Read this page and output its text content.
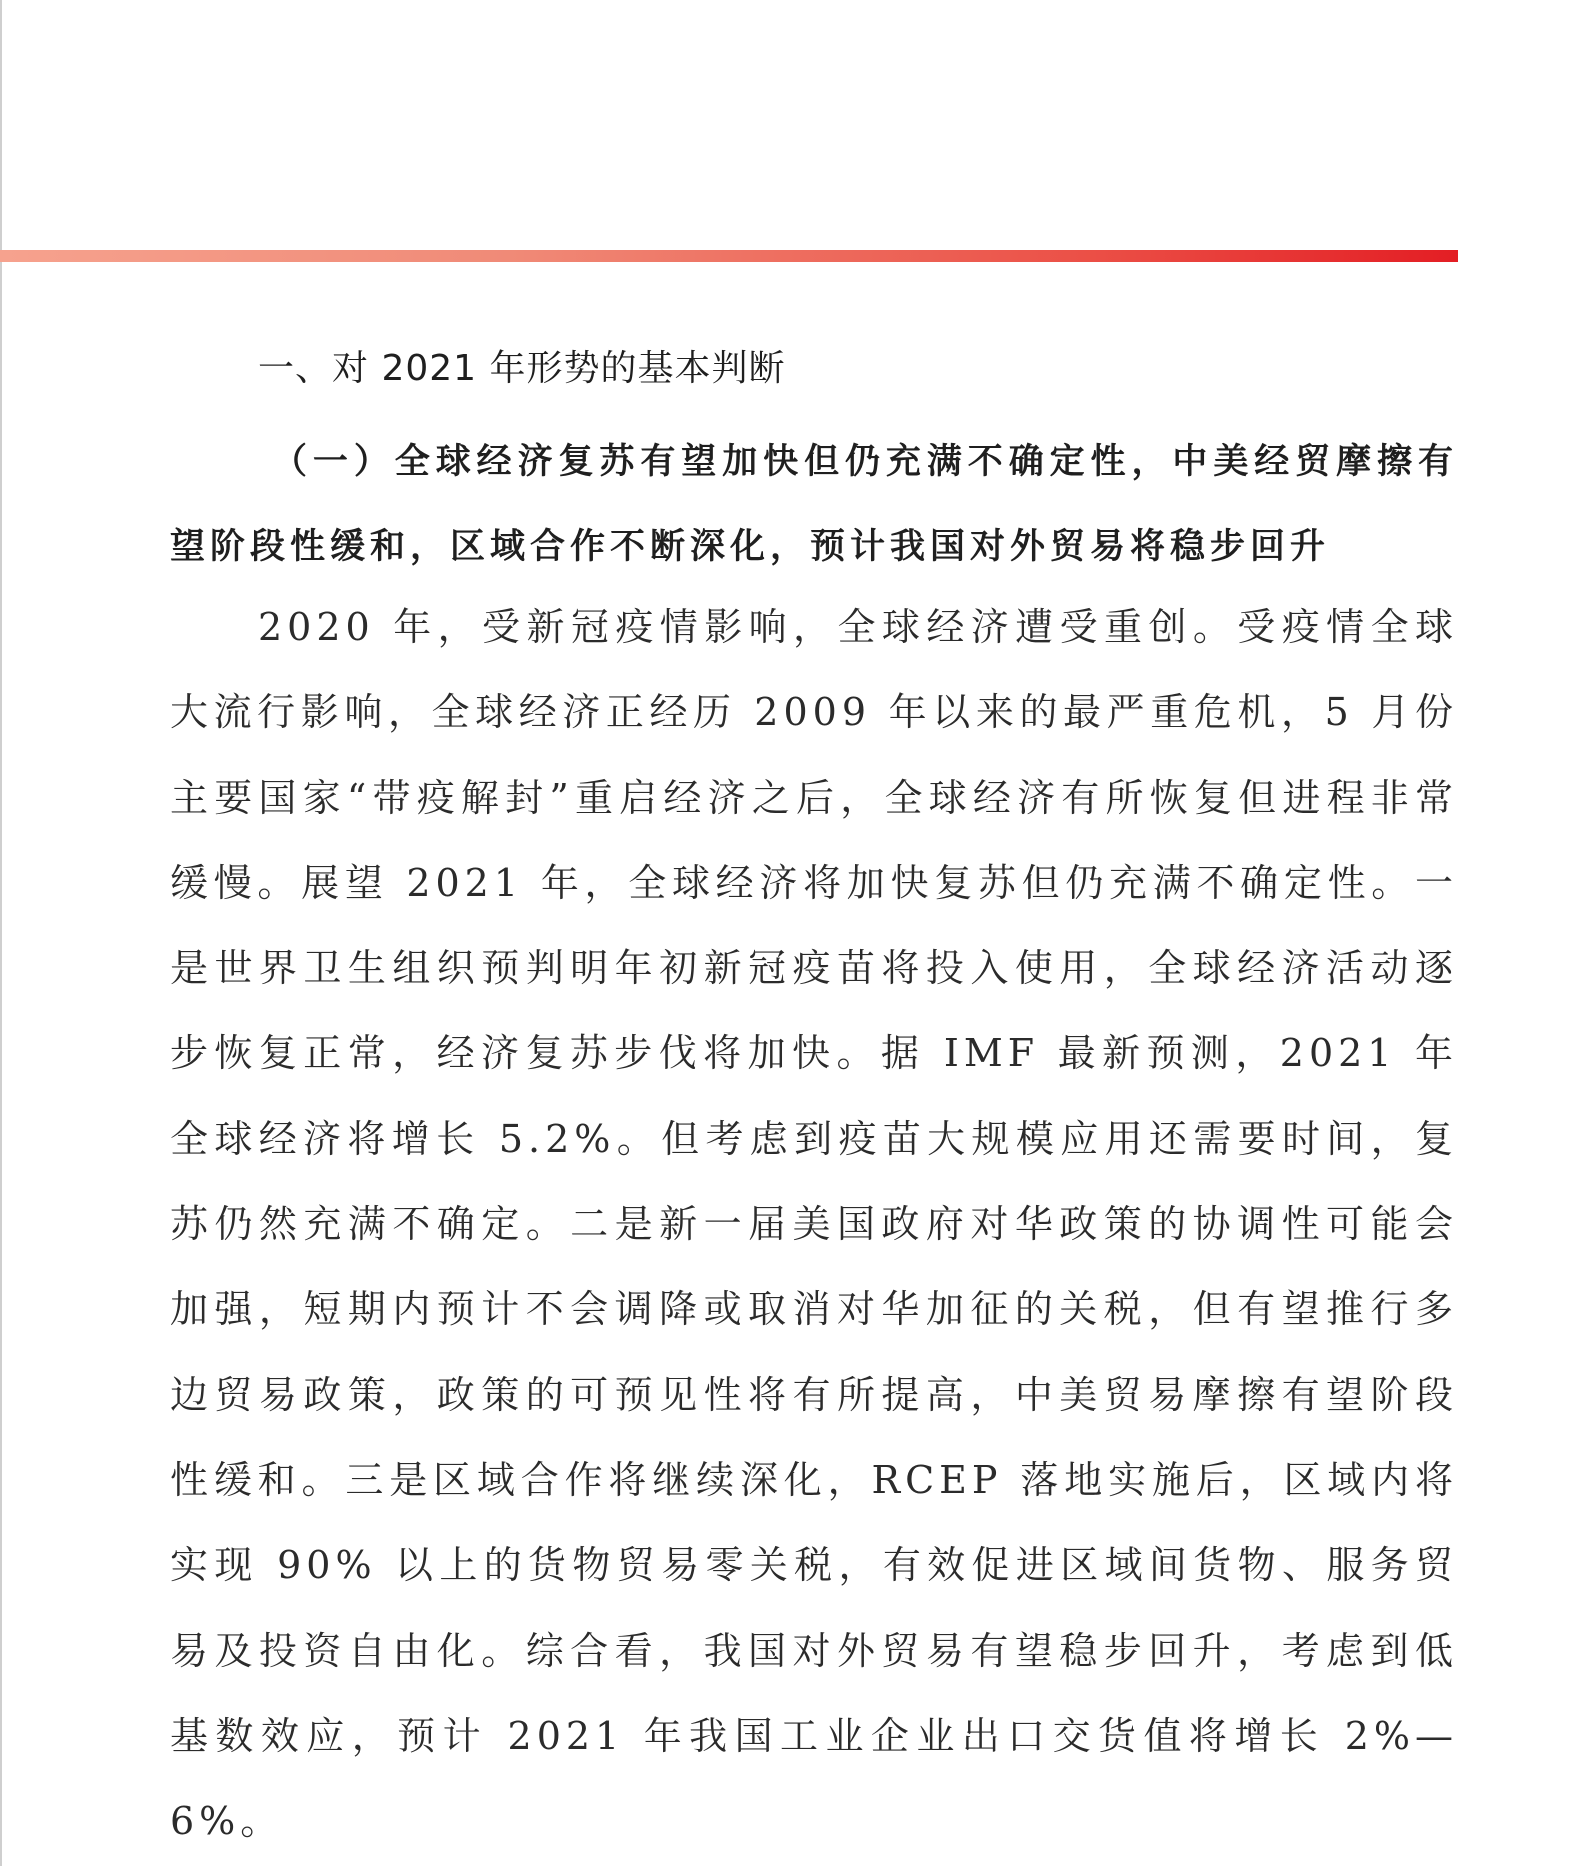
一、对 2021 年形势的基本判断
（一）全球经济复苏有望加快但仍充满不确定性，中美经贸摩擦有望阶段性缓和，区域合作不断深化，预计我国对外贸易将稳步回升

2020 年，受新冠疫情影响，全球经济遭受重创。受疫情全球大流行影响，全球经济正经历 2009 年以来的最严重危机，5 月份主要国家“带疫解封”重启经济之后，全球经济有所恢复但进程非常缓慢。展望 2021 年，全球经济将加快复苏但仍充满不确定性。一是世界卫生组织预判明年初新冠疫苗将投入使用，全球经济活动逐步恢复正常，经济复苏步伐将加快。据 IMF 最新预测，2021 年全球经济将增长 5.2%。但考虑到疫苗大规模应用还需要时间，复苏仍然充满不确定。二是新一届美国政府对华政策的协调性可能会加强，短期内预计不会调降或取消对华加征的关税，但有望推行多边贸易政策，政策的可预见性将有所提高，中美贸易摩擦有望阶段性缓和。三是区域合作将继续深化，RCEP 落地实施后，区域内将实现 90% 以上的货物贸易零关税，有效促进区域间货物、服务贸易及投资自由化。综合看，我国对外贸易有望稳步回升，考虑到低基数效应，预计 2021 年我国工业企业出口交货值将增长 2%—6%。
